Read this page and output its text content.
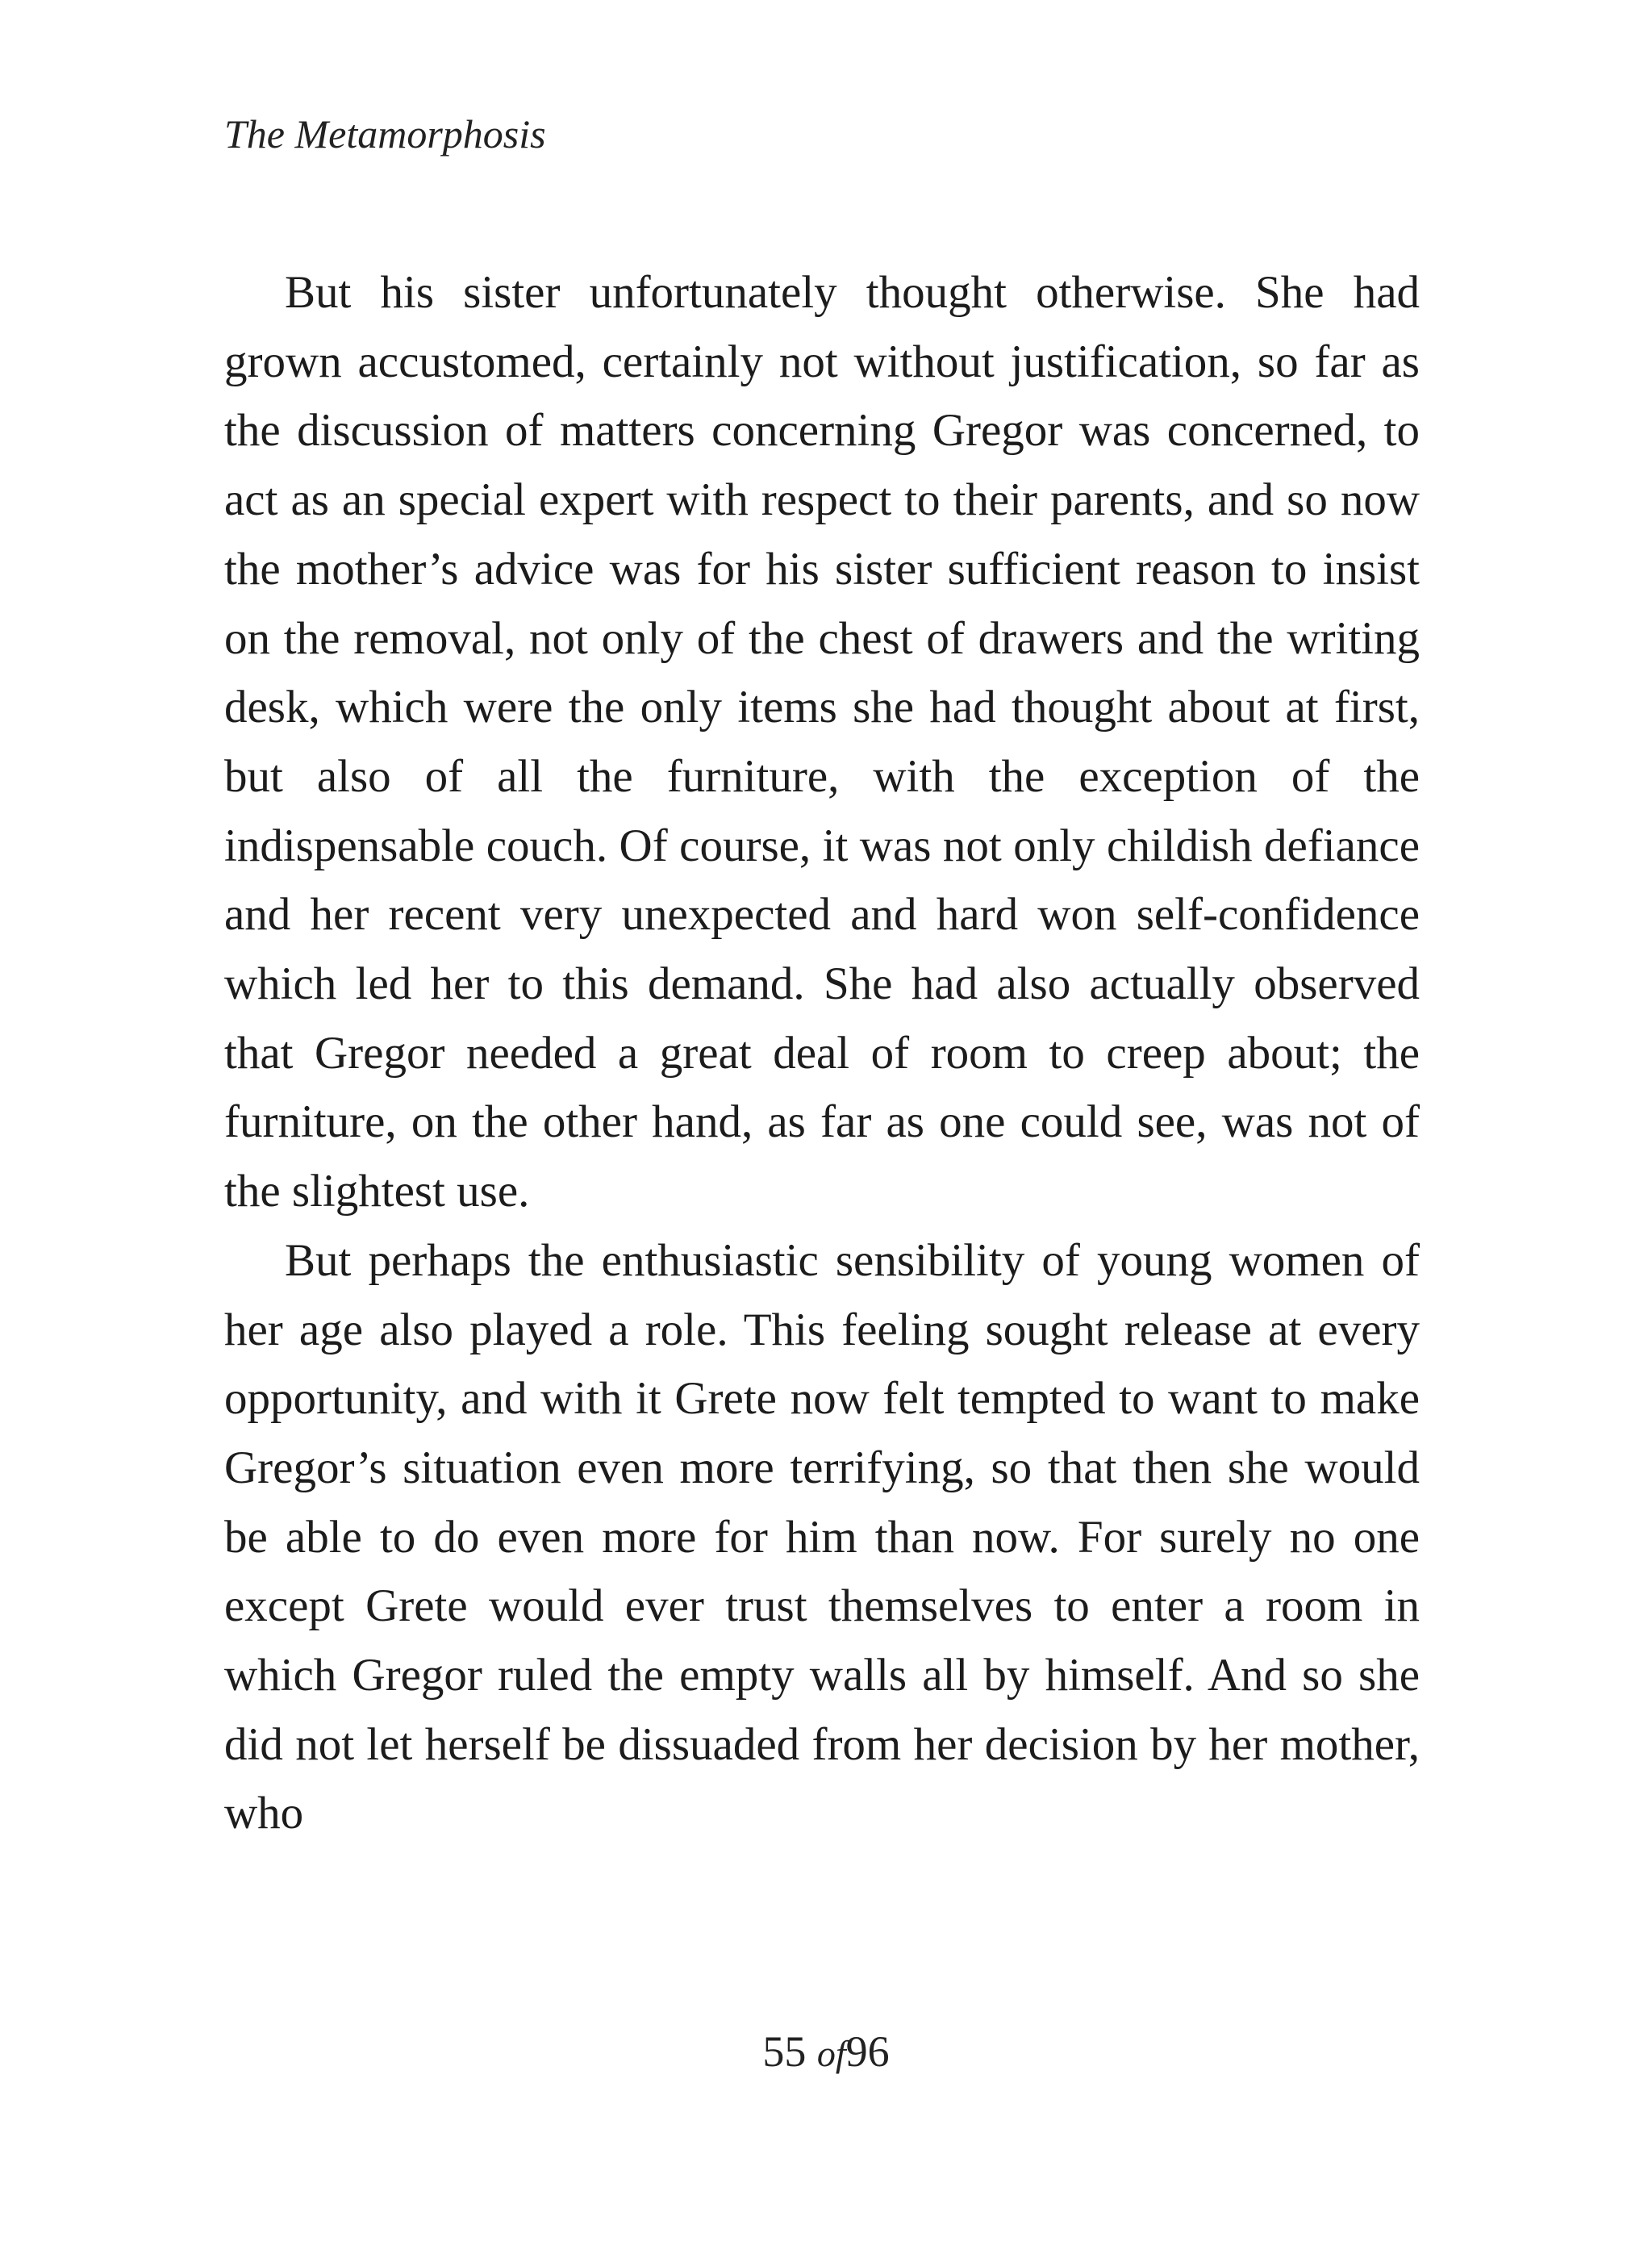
The Metamorphosis

But his sister unfortunately thought otherwise. She had grown accustomed, certainly not without justification, so far as the discussion of matters concerning Gregor was concerned, to act as an special expert with respect to their parents, and so now the mother’s advice was for his sister sufficient reason to insist on the removal, not only of the chest of drawers and the writing desk, which were the only items she had thought about at first, but also of all the furniture, with the exception of the indispensable couch. Of course, it was not only childish defiance and her recent very unexpected and hard won self-confidence which led her to this demand. She had also actually observed that Gregor needed a great deal of room to creep about; the furniture, on the other hand, as far as one could see, was not of the slightest use.

But perhaps the enthusiastic sensibility of young women of her age also played a role. This feeling sought release at every opportunity, and with it Grete now felt tempted to want to make Gregor’s situation even more terrifying, so that then she would be able to do even more for him than now. For surely no one except Grete would ever trust themselves to enter a room in which Gregor ruled the empty walls all by himself. And so she did not let herself be dissuaded from her decision by her mother, who

55 of96
